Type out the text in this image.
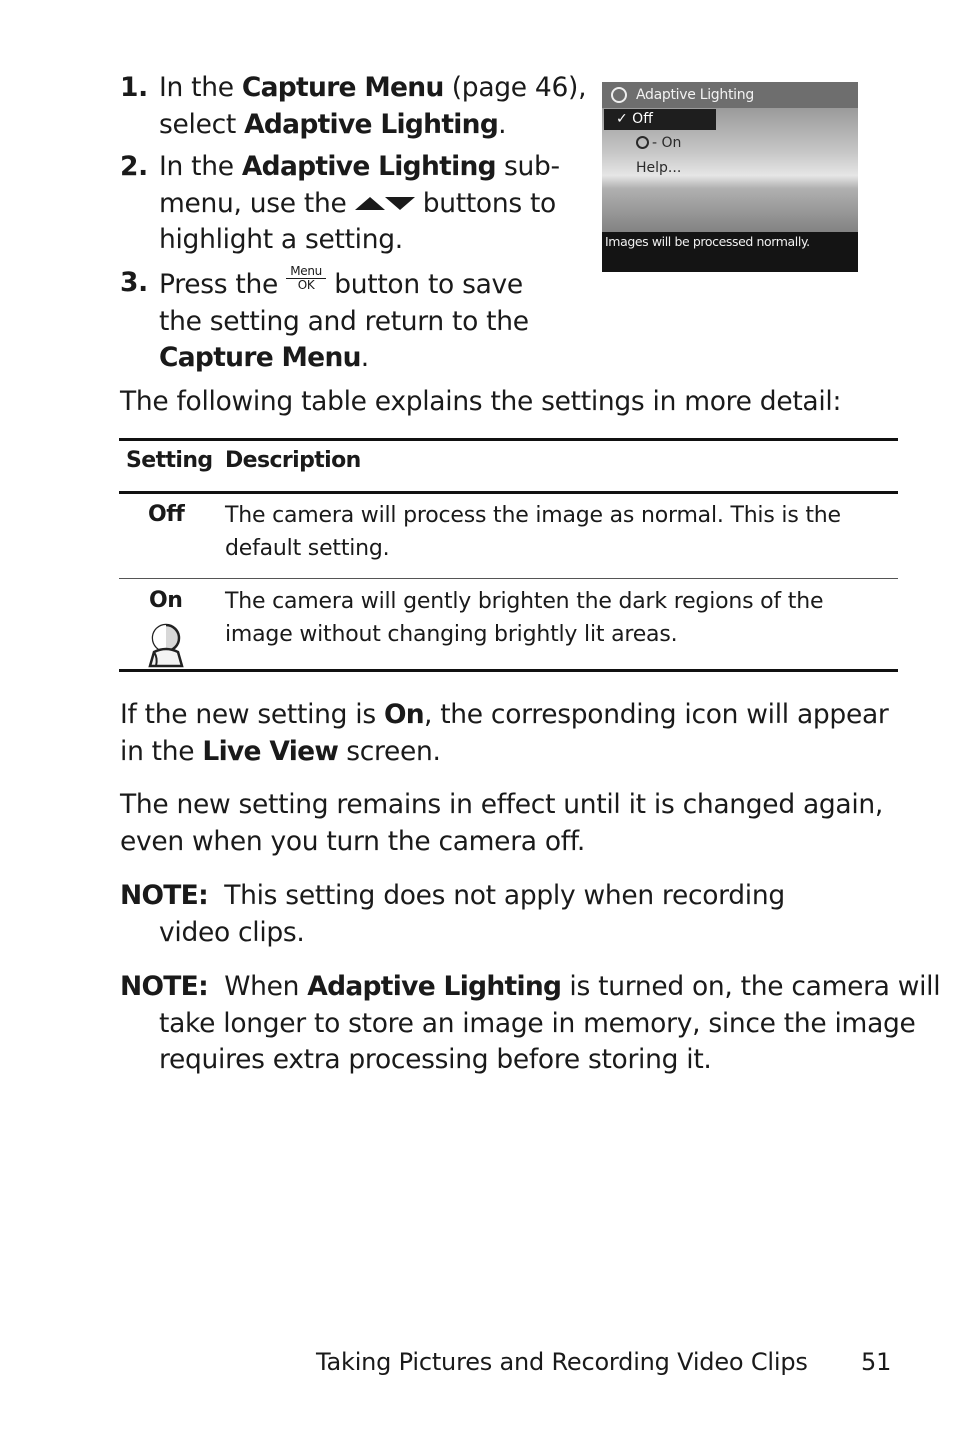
1. In the Capture Menu (page 46),
select Adaptive Lighting.
2. In the Adaptive Lighting sub-
menu, use the  buttons to
highlight a setting.
3. Press the Menu
OK button to save
the setting and return to the
Capture Menu.
Adaptive Lighting
✓ Off
- On
Help...
Images will be processed normally.
The following table explains the settings in more detail:
Setting Description
Off The camera will process the image as normal. This is the
default setting.
On The camera will gently brighten the dark regions of the
image without changing brightly lit areas.
If the new setting is On, the corresponding icon will appear
in the Live View screen.
The new setting remains in effect until it is changed again,
even when you turn the camera off.
NOTE: This setting does not apply when recording
video clips.
NOTE: When Adaptive Lighting is turned on, the camera will
take longer to store an image in memory, since the image
requires extra processing before storing it.
Taking Pictures and Recording Video Clips 51
